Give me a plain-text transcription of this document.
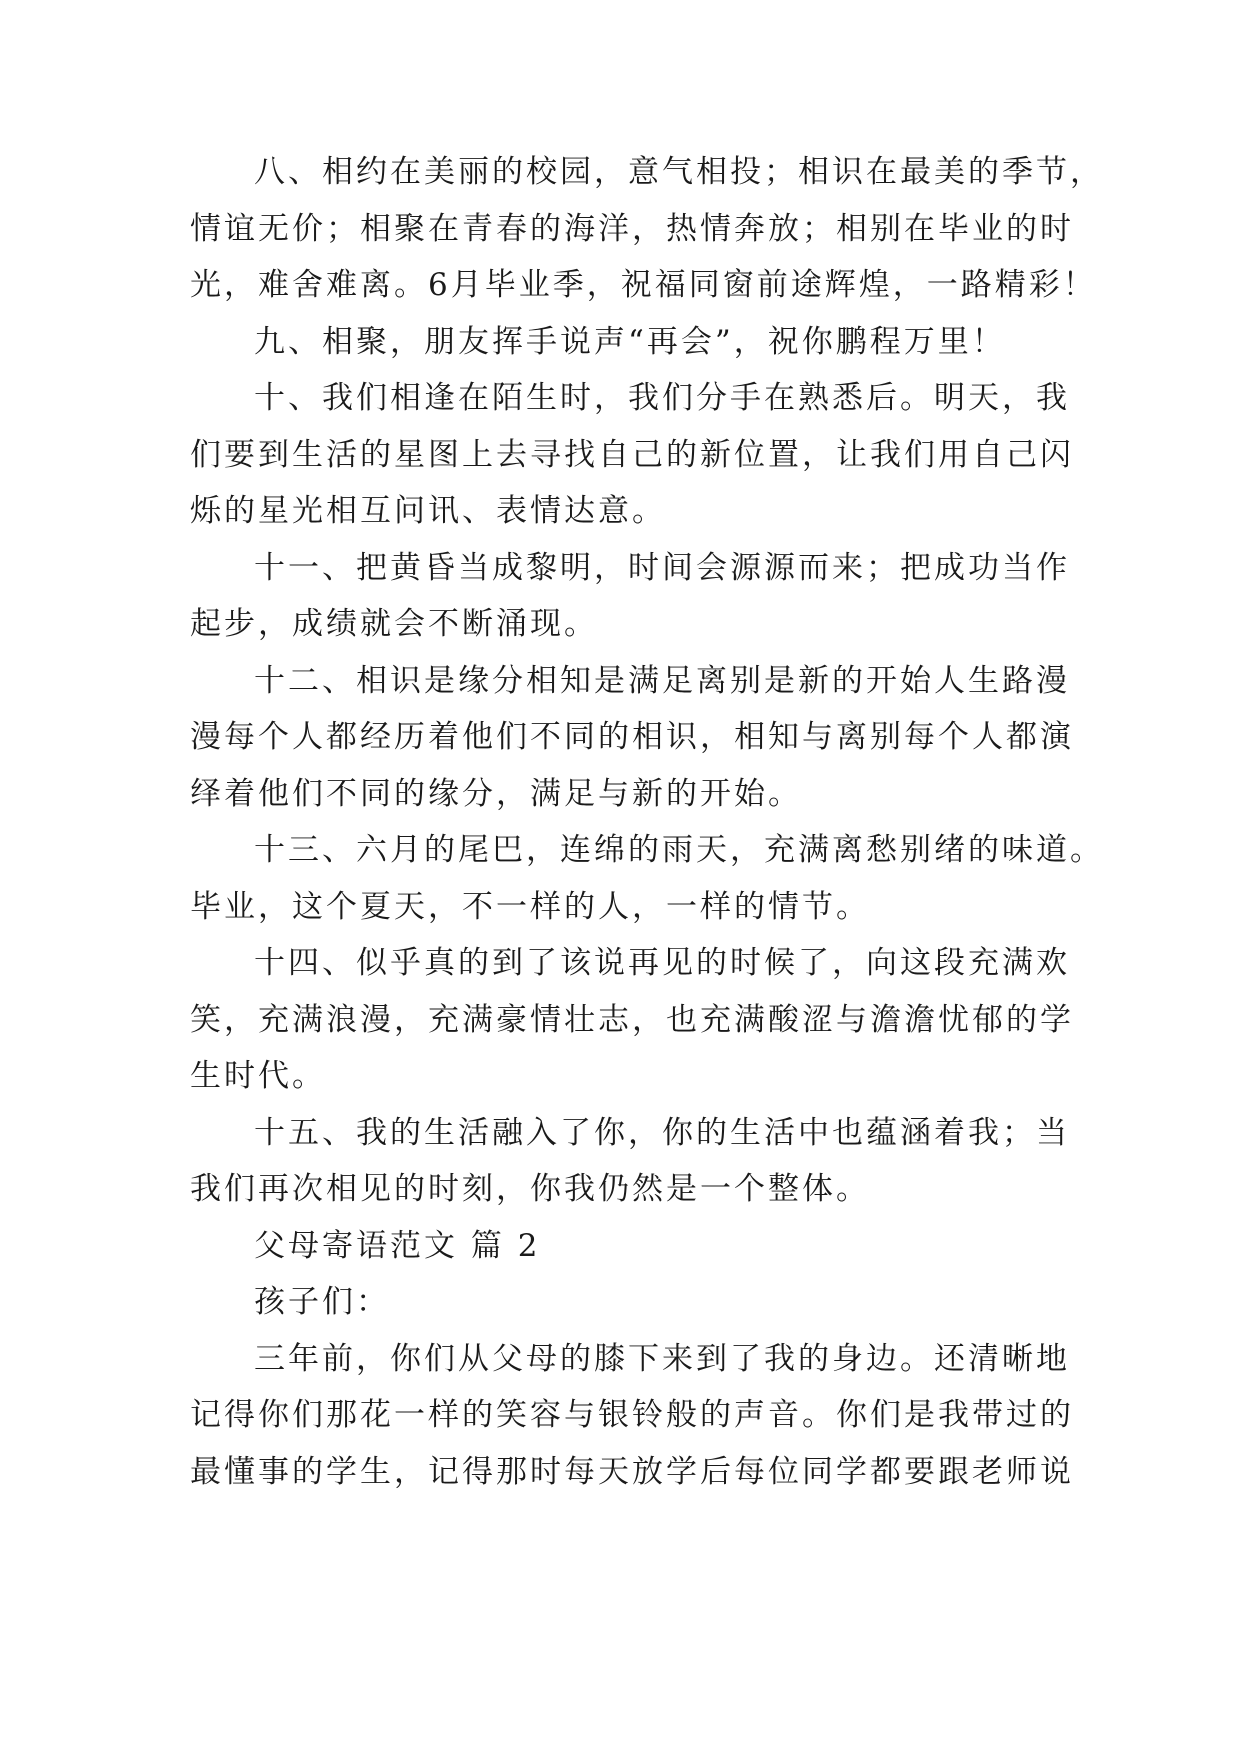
八、相约在美丽的校园，意气相投；相识在最美的季节，
情谊无价；相聚在青春的海洋，热情奔放；相别在毕业的时
光，难舍难离。6月毕业季，祝福同窗前途辉煌，一路精彩！
九、相聚，朋友挥手说声“再会”，祝你鹏程万里！
十、我们相逢在陌生时，我们分手在熟悉后。明天，我
们要到生活的星图上去寻找自己的新位置，让我们用自己闪
烁的星光相互问讯、表情达意。
十一、把黄昏当成黎明，时间会源源而来；把成功当作
起步，成绩就会不断涌现。
十二、相识是缘分相知是满足离别是新的开始人生路漫
漫每个人都经历着他们不同的相识，相知与离别每个人都演
绎着他们不同的缘分，满足与新的开始。
十三、六月的尾巴，连绵的雨天，充满离愁别绪的味道。
毕业，这个夏天，不一样的人，一样的情节。
十四、似乎真的到了该说再见的时候了，向这段充满欢
笑，充满浪漫，充满豪情壮志，也充满酸涩与澹澹忧郁的学
生时代。
十五、我的生活融入了你，你的生活中也蕴涵着我；当
我们再次相见的时刻，你我仍然是一个整体。
父母寄语范文 篇 2
孩子们：
三年前，你们从父母的膝下来到了我的身边。还清晰地
记得你们那花一样的笑容与银铃般的声音。你们是我带过的
最懂事的学生，记得那时每天放学后每位同学都要跟老师说
